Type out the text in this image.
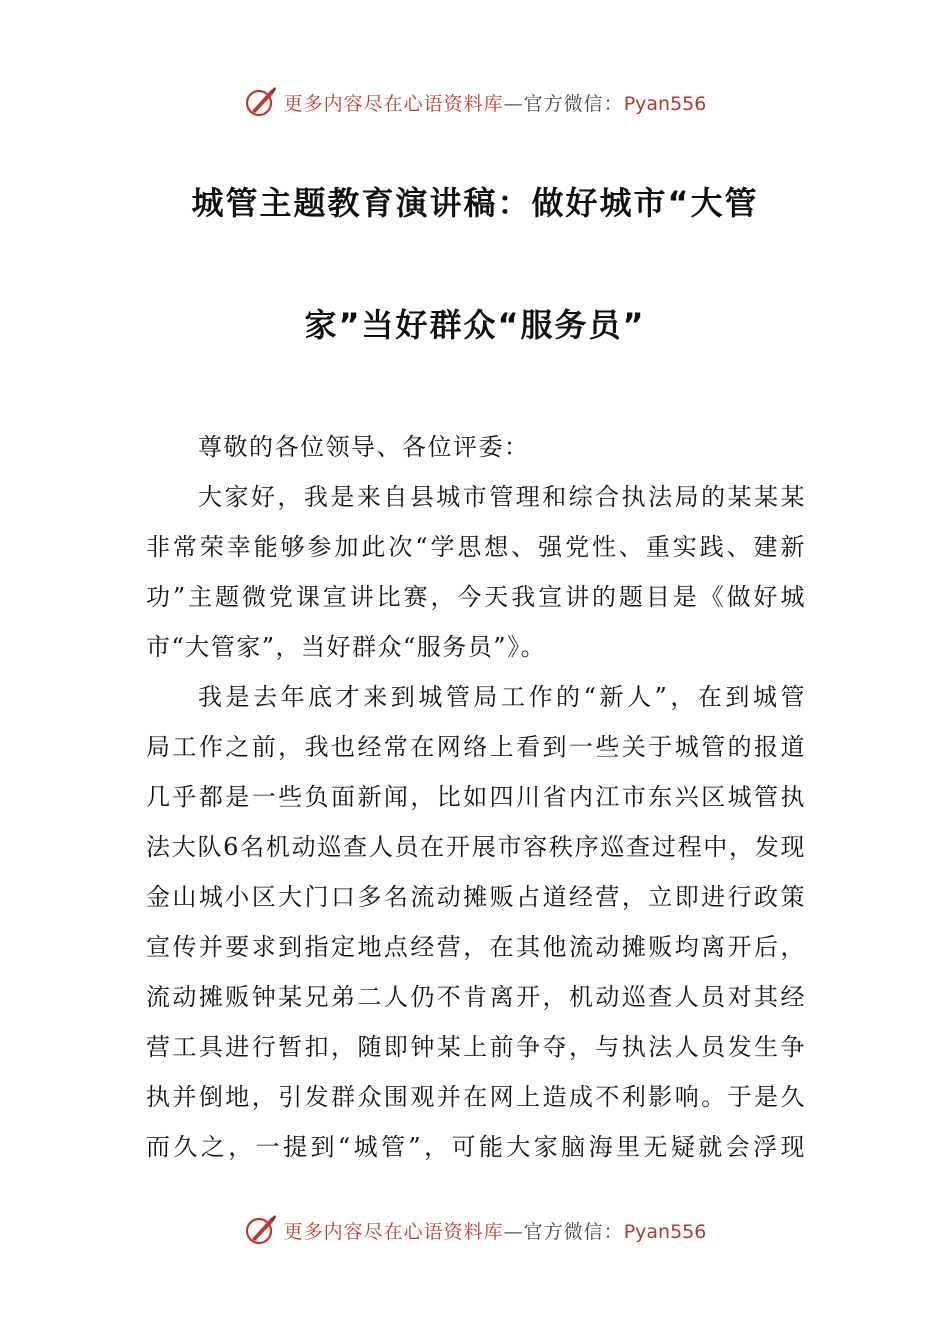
更多内容尽在心语资料库—官方微信：Pyan556
城管主题教育演讲稿：做好城市“大管
家”当好群众“服务员”
尊敬的各位领导、各位评委：
大家好，我是来自县城市管理和综合执法局的某某某
非常荣幸能够参加此次“学思想、强党性、重实践、建新
功”主题微党课宣讲比赛，今天我宣讲的题目是《做好城
市“大管家”，当好群众“服务员”》。
我是去年底才来到城管局工作的“新人”，在到城管
局工作之前，我也经常在网络上看到一些关于城管的报道
几乎都是一些负面新闻，比如四川省内江市东兴区城管执
法大队6名机动巡查人员在开展市容秩序巡查过程中，发现
金山城小区大门口多名流动摊贩占道经营，立即进行政策
宣传并要求到指定地点经营，在其他流动摊贩均离开后，
流动摊贩钟某兄弟二人仍不肯离开，机动巡查人员对其经
营工具进行暂扣，随即钟某上前争夺，与执法人员发生争
执并倒地，引发群众围观并在网上造成不利影响。于是久
而久之，一提到“城管”，可能大家脑海里无疑就会浮现
更多内容尽在心语资料库—官方微信：Pyan556
